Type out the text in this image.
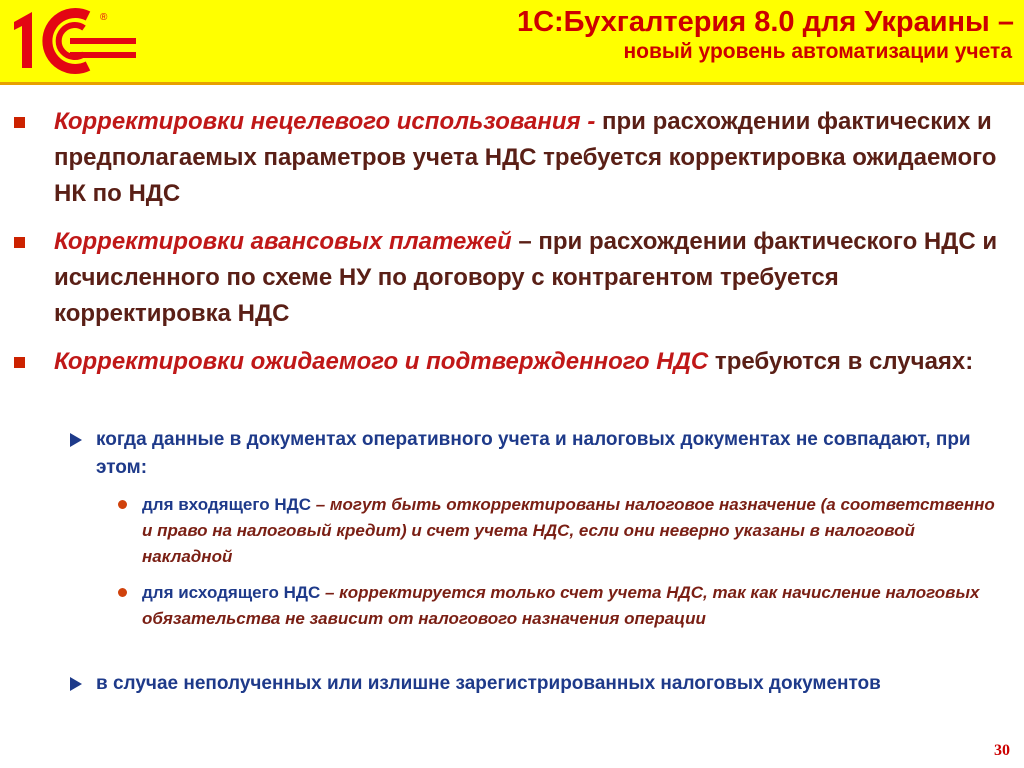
®	1С:Бухгалтерия 8.0 для Украины –
новый уровень автоматизации учета
Корректировки нецелевого использования - при расхождении фактических и предполагаемых параметров учета НДС требуется корректировка ожидаемого НК по НДС
Корректировки авансовых платежей – при расхождении фактического НДС и исчисленного по схеме НУ по договору с контрагентом требуется корректировка НДС
Корректировки ожидаемого и подтвержденного НДС требуются в случаях:
когда данные в документах оперативного учета и налоговых документах не совпадают, при этом:
для входящего НДС – могут быть откорректированы налоговое назначение (а соответственно и право на налоговый кредит) и счет учета НДС, если они неверно указаны в налоговой накладной
для исходящего НДС – корректируется только счет учета НДС, так как начисление налоговых обязательства не зависит от налогового назначения операции
в случае неполученных или излишне зарегистрированных налоговых документов
30
